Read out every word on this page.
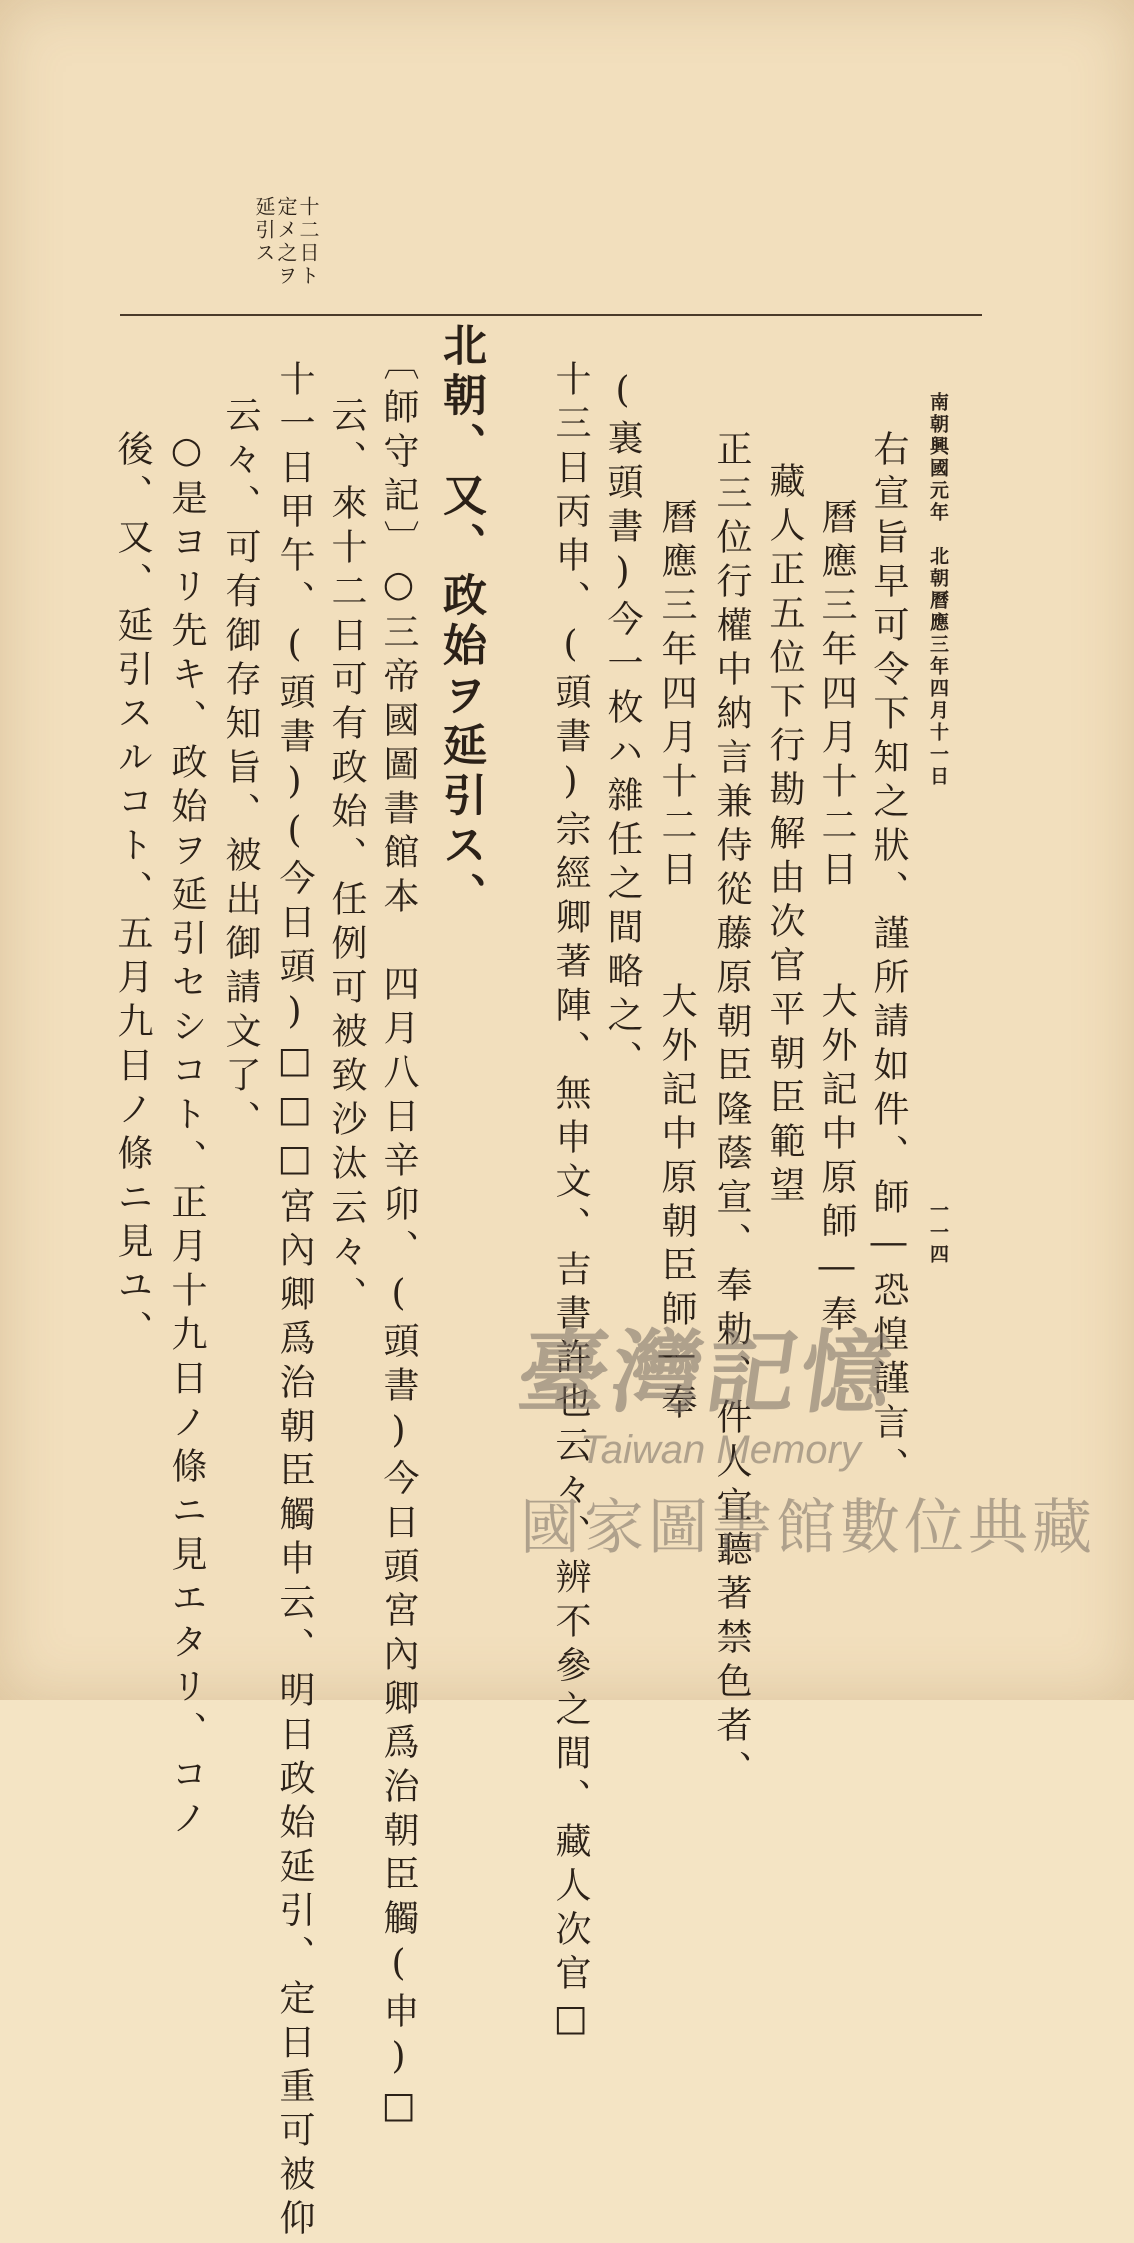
南朝興國元年　北朝曆應三年四月十一日
一一四
十二日ト
定メ之ヲ
延引ス
右宣旨早可令下知之狀、謹所請如件、師―恐惶謹言、
曆應三年四月十二日　　大外記中原師―奉
藏人正五位下行勘解由次官平朝臣範望
正三位行權中納言兼侍從藤原朝臣隆蔭宣、奉勅、件人宜聽著禁色者、
曆應三年四月十二日　　大外記中原朝臣師―奉
(裏頭書)今一枚ハ雜任之間略之、
十三日丙申、(頭書)宗經卿著陣、無申文、吉書許也云々、辨不參之間、藏人次官□
北朝、又、政始ヲ延引ス、
〔師守記〕○三帝國圖書館本　四月八日辛卯、(頭書)今日頭宮內卿爲治朝臣觸(申)□
云、來十二日可有政始、任例可被致沙汰云々、
十一日甲午、(頭書)(今日頭)□□□宮內卿爲治朝臣觸申云、明日政始延引、定日重可被仰
云々、可有御存知旨、被出御請文了、
○是ヨリ先キ、政始ヲ延引セシコト、正月十九日ノ條ニ見エタリ、コノ
後、又、延引スルコト、五月九日ノ條ニ見ユ、
臺灣記憶
Taiwan Memory
國家圖書館數位典藏
